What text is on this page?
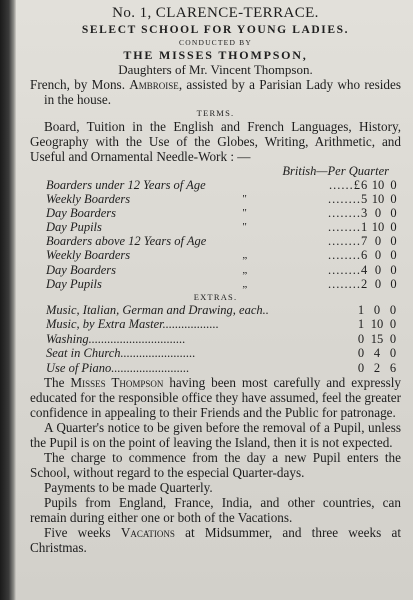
No. 1, CLARENCE-TERRACE.
SELECT SCHOOL FOR YOUNG LADIES.
CONDUCTED BY
THE MISSES THOMPSON,
Daughters of Mr. Vincent Thompson.
French, by Mons. Ambroise, assisted by a Parisian Lady who resides in the house.
TERMS.
Board, Tuition in the English and French Languages, History, Geography with the Use of the Globes, Writing, Arithmetic, and Useful and Ornamental Needle-Work : —
British—Per Quarter
Boarders under 12 Years of Age		......£6	10	0
Weekly Boarders	"	........5	10	0
Day Boarders	"	........3	0	0
Day Pupils	"	........1	10	0
Boarders above 12 Years of Age		........7	0	0
Weekly Boarders	„	........6	0	0
Day Boarders	„	........4	0	0
Day Pupils	„	........2	0	0
EXTRAS.
Music, Italian, German and Drawing, each..	1	0	0
Music, by Extra Master..................	1	10	0
Washing...............................	0	15	0
Seat in Church........................	0	4	0
Use of Piano.........................	0	2	6
The Misses Thompson having been most carefully and expressly educated for the responsible office they have assumed, feel the greater confidence in appealing to their Friends and the Public for patronage.
A Quarter's notice to be given before the removal of a Pupil, unless the Pupil is on the point of leaving the Island, then it is not expected.
The charge to commence from the day a new Pupil enters the School, without regard to the especial Quarter-days.
Payments to be made Quarterly.
Pupils from England, France, India, and other countries, can remain during either one or both of the Vacations.
Five weeks Vacations at Midsummer, and three weeks at Christmas.
